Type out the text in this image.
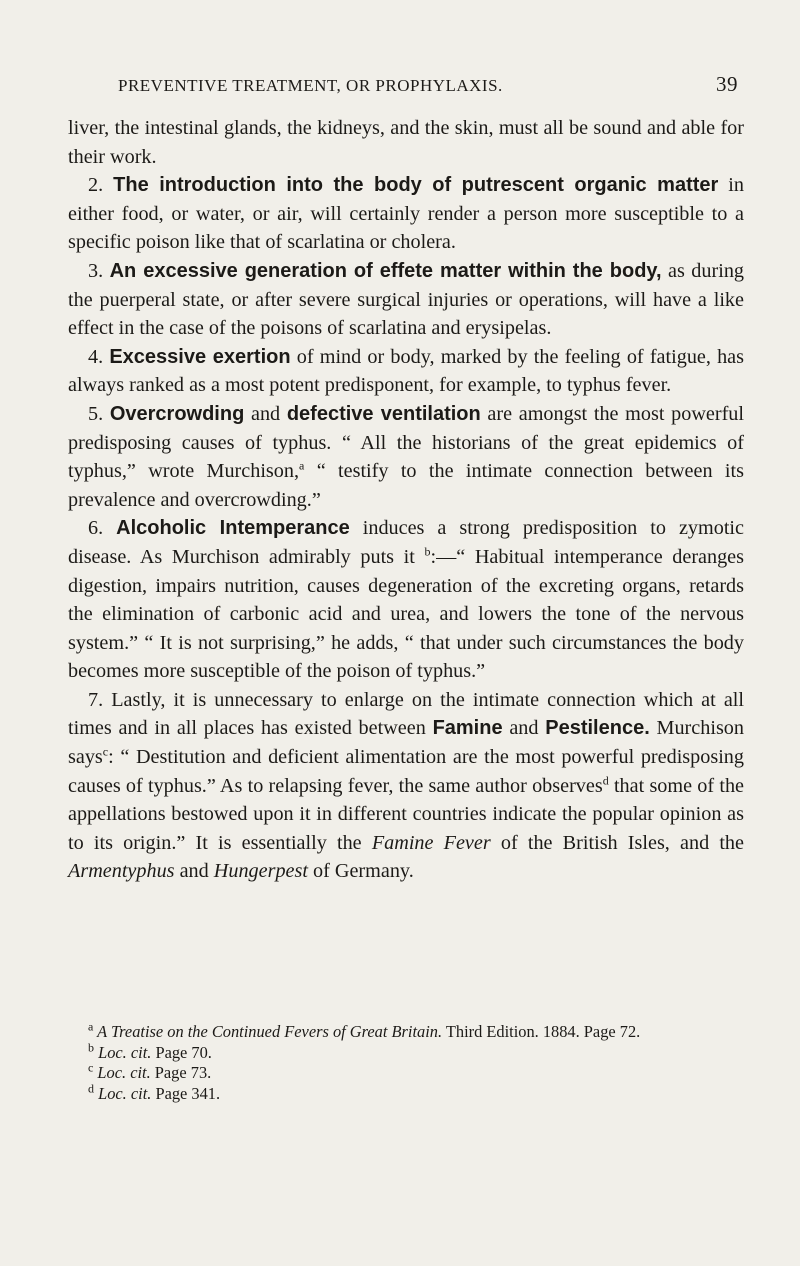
PREVENTIVE TREATMENT, OR PROPHYLAXIS.	39

liver, the intestinal glands, the kidneys, and the skin, must all be sound and able for their work.

2. The introduction into the body of putrescent organic matter in either food, or water, or air, will certainly render a person more susceptible to a specific poison like that of scarlatina or cholera.

3. An excessive generation of effete matter within the body, as during the puerperal state, or after severe surgical injuries or operations, will have a like effect in the case of the poisons of scarlatina and erysipelas.

4. Excessive exertion of mind or body, marked by the feeling of fatigue, has always ranked as a most potent predisponent, for example, to typhus fever.

5. Overcrowding and defective ventilation are amongst the most powerful predisposing causes of typhus. “ All the historians of the great epidemics of typhus,” wrote Murchison,$^a$ “ testify to the intimate connection between its prevalence and overcrowding.”

6. Alcoholic Intemperance induces a strong predisposition to zymotic disease. As Murchison admirably puts it $^b$:—“ Habitual intemperance deranges digestion, impairs nutrition, causes degeneration of the excreting organs, retards the elimination of carbonic acid and urea, and lowers the tone of the nervous system.” “ It is not surprising,” he adds, “ that under such circumstances the body becomes more susceptible of the poison of typhus.”

7. Lastly, it is unnecessary to enlarge on the intimate connection which at all times and in all places has existed between Famine and Pestilence. Murchison says$^c$: “ Destitution and deficient alimentation are the most powerful predisposing causes of typhus.” As to relapsing fever, the same author observes$^d$ that some of the appellations bestowed upon it in different countries indicate the popular opinion as to its origin.” It is essentially the Famine Fever of the British Isles, and the Armentyphus and Hungerpest of Germany.

$^a$ A Treatise on the Continued Fevers of Great Britain. Third Edition. 1884. Page 72.

$^b$ Loc. cit. Page 70.

$^c$ Loc. cit. Page 73.

$^d$ Loc. cit. Page 341.
